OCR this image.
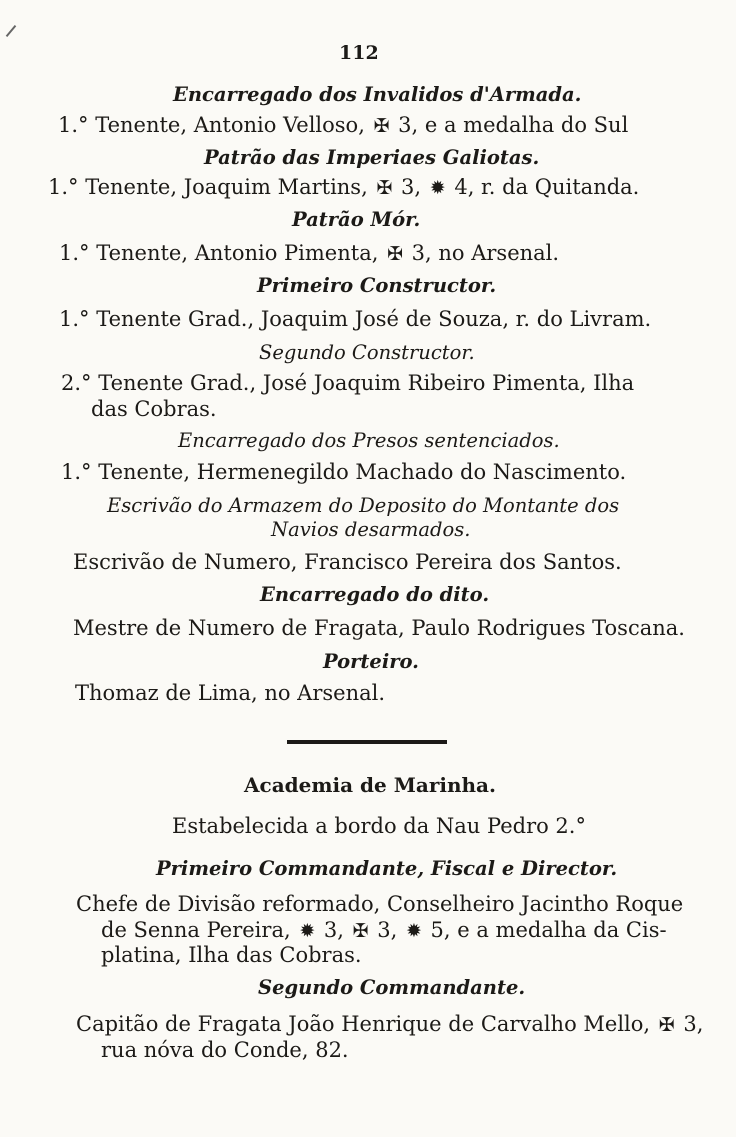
112
Encarregado dos Invalidos d'Armada.
1.° Tenente, Antonio Velloso, ✠ 3, e a medalha do Sul
Patrão das Imperiaes Galiotas.
1.° Tenente, Joaquim Martins, ✠ 3, ✹ 4, r. da Quitanda.
Patrão Mór.
1.° Tenente, Antonio Pimenta, ✠ 3, no Arsenal.
Primeiro Constructor.
1.° Tenente Grad., Joaquim José de Souza, r. do Livram.
Segundo Constructor.
2.° Tenente Grad., José Joaquim Ribeiro Pimenta, Ilha
das Cobras.
Encarregado dos Presos sentenciados.
1.° Tenente, Hermenegildo Machado do Nascimento.
Escrivão do Armazem do Deposito do Montante dos
Navios desarmados.
Escrivão de Numero, Francisco Pereira dos Santos.
Encarregado do dito.
Mestre de Numero de Fragata, Paulo Rodrigues Toscana.
Porteiro.
Thomaz de Lima, no Arsenal.
Academia de Marinha.
Estabelecida a bordo da Nau Pedro 2.°
Primeiro Commandante, Fiscal e Director.
Chefe de Divisão reformado, Conselheiro Jacintho Roque
de Senna Pereira, ✹ 3, ✠ 3, ✹ 5, e a medalha da Cis-
platina, Ilha das Cobras.
Segundo Commandante.
Capitão de Fragata João Henrique de Carvalho Mello, ✠ 3,
rua nóva do Conde, 82.
